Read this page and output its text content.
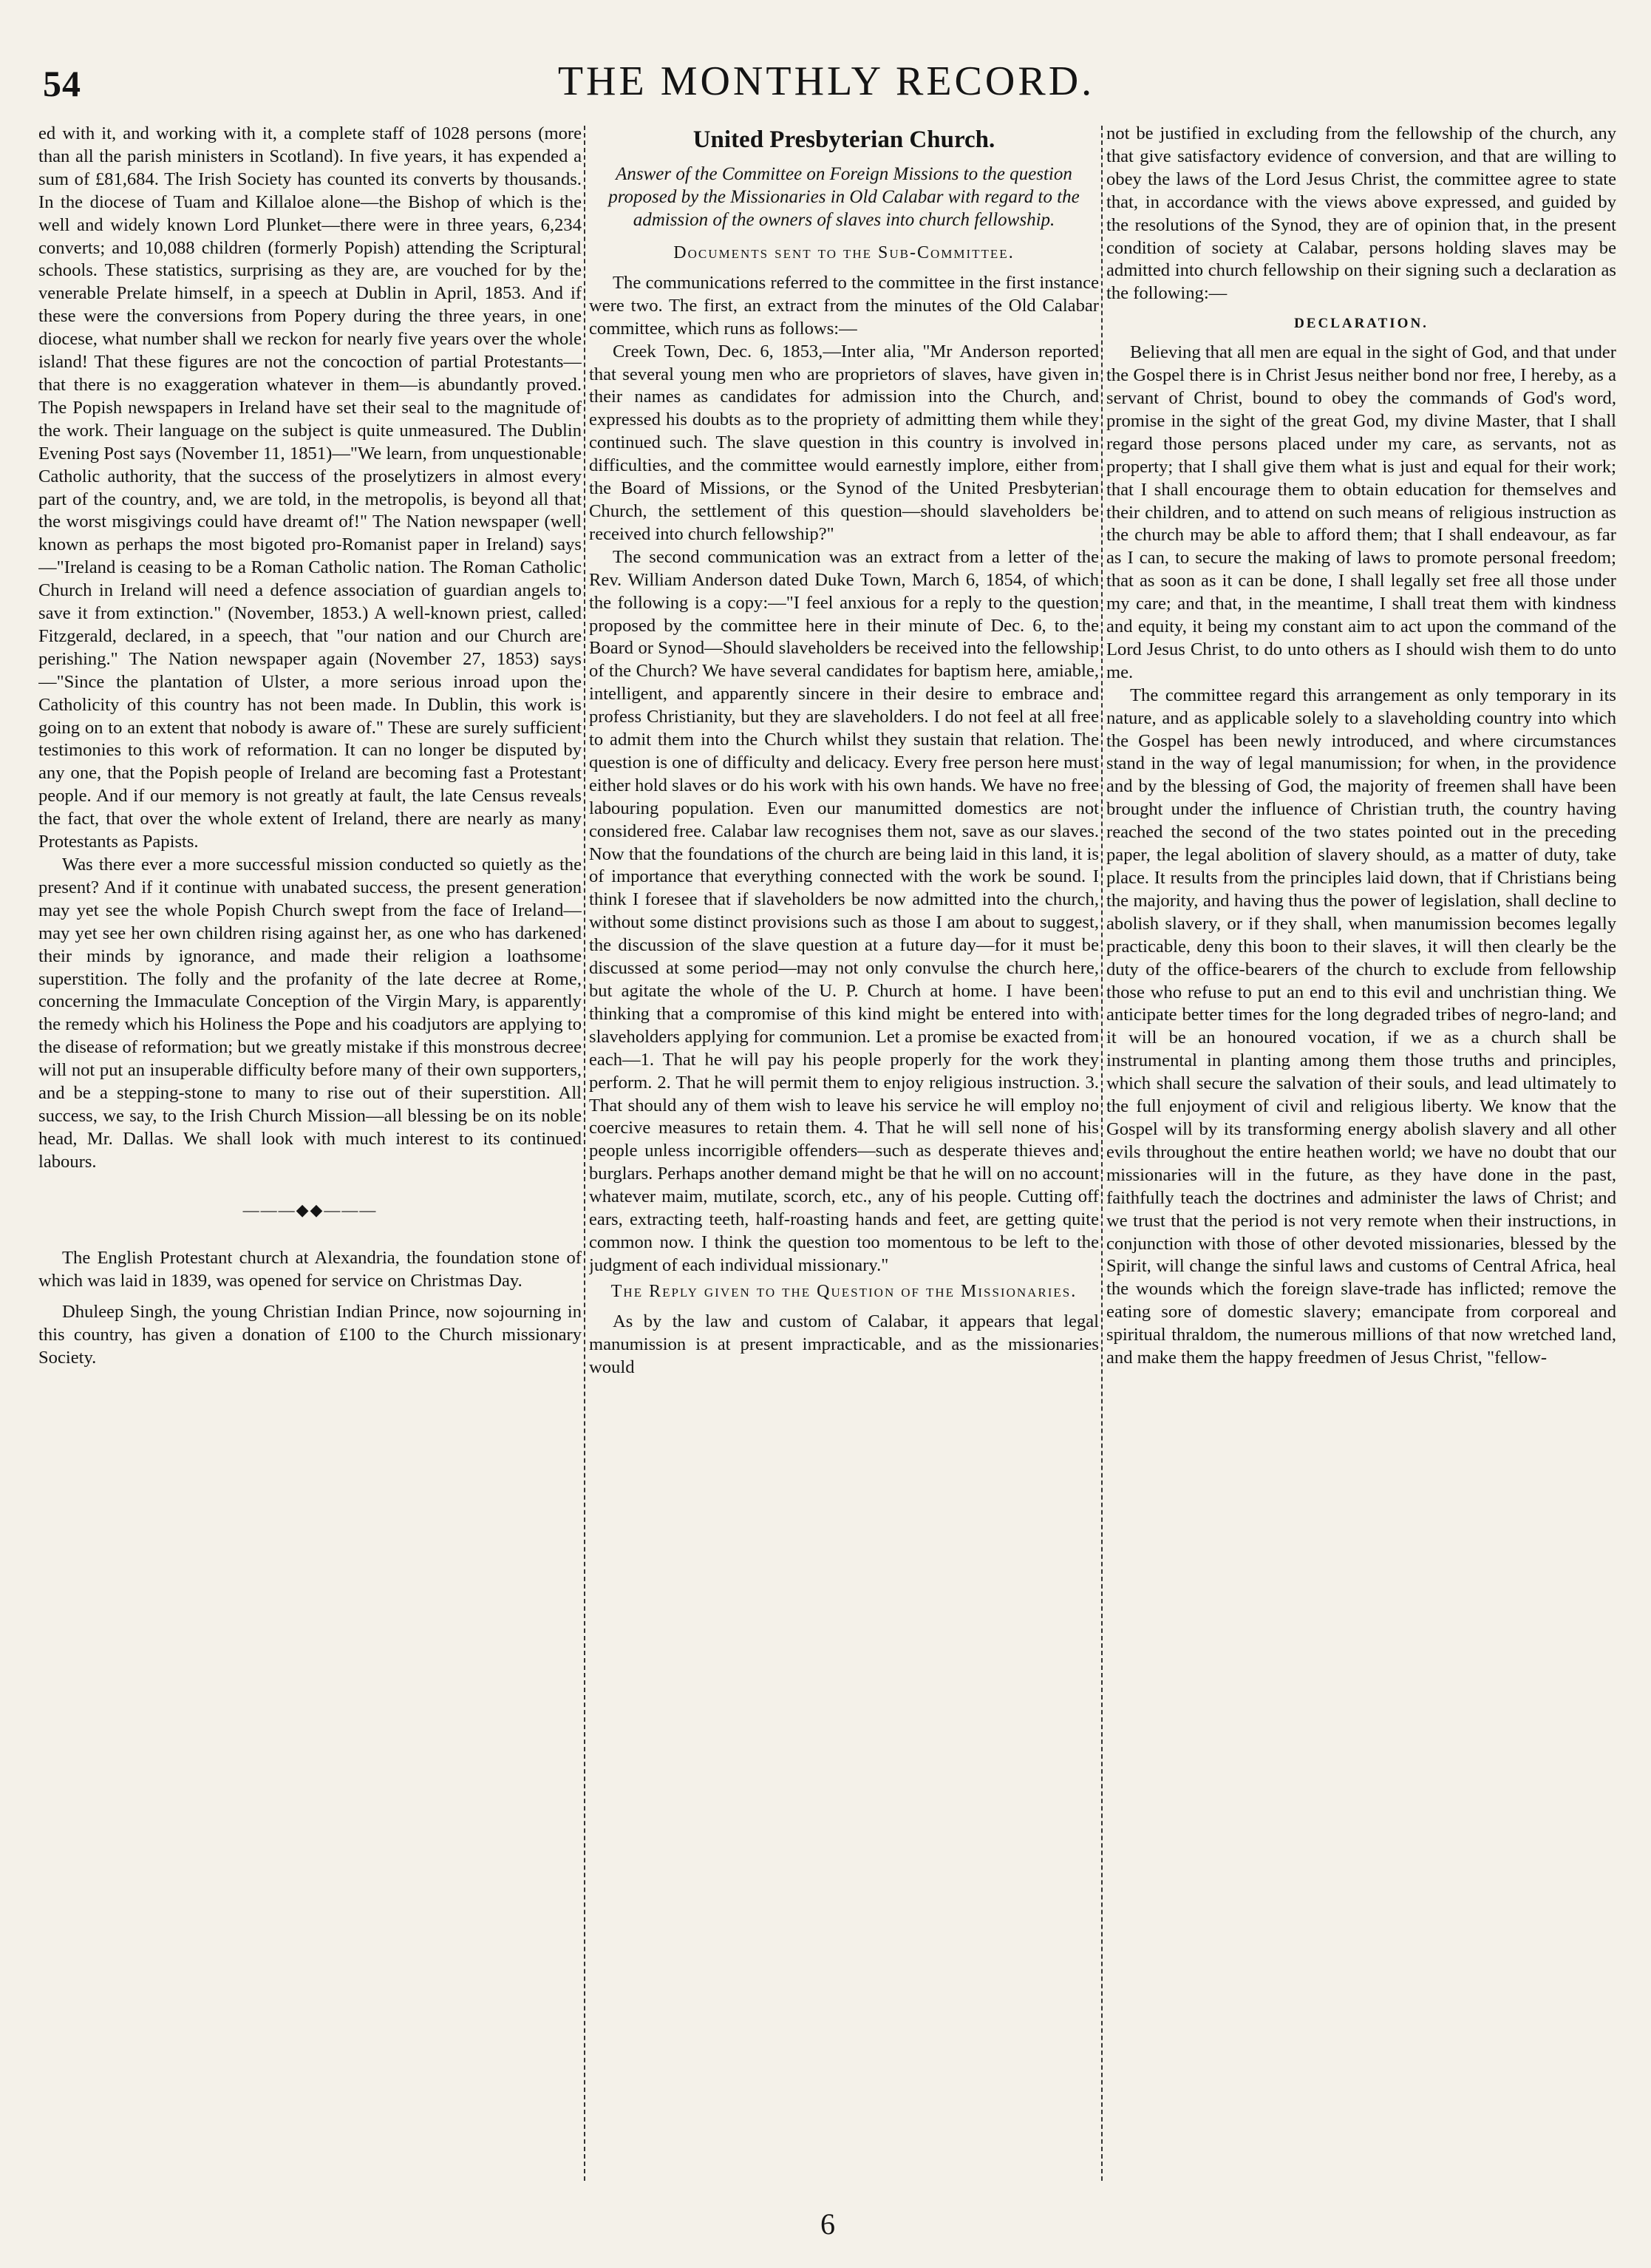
54	THE MONTHLY RECORD.

ed with it, and working with it, a complete staff of 1028 persons (more than all the parish ministers in Scotland). In five years, it has expended a sum of £81,684. The Irish Society has counted its converts by thousands. In the diocese of Tuam and Killaloe alone—the Bishop of which is the well and widely known Lord Plunket—there were in three years, 6,234 converts; and 10,088 children (formerly Popish) attending the Scriptural schools. These statistics, surprising as they are, are vouched for by the venerable Prelate himself, in a speech at Dublin in April, 1853. And if these were the conversions from Popery during the three years, in one diocese, what number shall we reckon for nearly five years over the whole island! That these figures are not the concoction of partial Protestants—that there is no exaggeration whatever in them—is abundantly proved. The Popish newspapers in Ireland have set their seal to the magnitude of the work. Their language on the subject is quite unmeasured. The Dublin Evening Post says (November 11, 1851)—"We learn, from unquestionable Catholic authority, that the success of the proselytizers in almost every part of the country, and, we are told, in the metropolis, is beyond all that the worst misgivings could have dreamt of!" The Nation newspaper (well known as perhaps the most bigoted pro-Romanist paper in Ireland) says—"Ireland is ceasing to be a Roman Catholic nation. The Roman Catholic Church in Ireland will need a defence association of guardian angels to save it from extinction." (November, 1853.) A well-known priest, called Fitzgerald, declared, in a speech, that "our nation and our Church are perishing." The Nation newspaper again (November 27, 1853) says—"Since the plantation of Ulster, a more serious inroad upon the Catholicity of this country has not been made. In Dublin, this work is going on to an extent that nobody is aware of." These are surely sufficient testimonies to this work of reformation. It can no longer be disputed by any one, that the Popish people of Ireland are becoming fast a Protestant people. And if our memory is not greatly at fault, the late Census reveals the fact, that over the whole extent of Ireland, there are nearly as many Protestants as Papists.

Was there ever a more successful mission conducted so quietly as the present? And if it continue with unabated success, the present generation may yet see the whole Popish Church swept from the face of Ireland—may yet see her own children rising against her, as one who has darkened their minds by ignorance, and made their religion a loathsome superstition. The folly and the profanity of the late decree at Rome, concerning the Immaculate Conception of the Virgin Mary, is apparently the remedy which his Holiness the Pope and his coadjutors are applying to the disease of reformation; but we greatly mistake if this monstrous decree will not put an insuperable difficulty before many of their own supporters, and be a stepping-stone to many to rise out of their superstition. All success, we say, to the Irish Church Mission—all blessing be on its noble head, Mr. Dallas. We shall look with much interest to its continued labours.

———◆◆———

The English Protestant church at Alexandria, the foundation stone of which was laid in 1839, was opened for service on Christmas Day.

Dhuleep Singh, the young Christian Indian Prince, now sojourning in this country, has given a donation of £100 to the Church missionary Society.

United Presbyterian Church.
Answer of the Committee on Foreign Missions to the question proposed by the Missionaries in Old Calabar with regard to the admission of the owners of slaves into church fellowship.
Documents sent to the Sub-Committee.

The communications referred to the committee in the first instance were two. The first, an extract from the minutes of the Old Calabar committee, which runs as follows:—

Creek Town, Dec. 6, 1853,—Inter alia, "Mr Anderson reported that several young men who are proprietors of slaves, have given in their names as candidates for admission into the Church, and expressed his doubts as to the propriety of admitting them while they continued such. The slave question in this country is involved in difficulties, and the committee would earnestly implore, either from the Board of Missions, or the Synod of the United Presbyterian Church, the settlement of this question—should slaveholders be received into church fellowship?"

The second communication was an extract from a letter of the Rev. William Anderson dated Duke Town, March 6, 1854, of which the following is a copy:—"I feel anxious for a reply to the question proposed by the committee here in their minute of Dec. 6, to the Board or Synod—Should slaveholders be received into the fellowship of the Church? We have several candidates for baptism here, amiable, intelligent, and apparently sincere in their desire to embrace and profess Christianity, but they are slaveholders. I do not feel at all free to admit them into the Church whilst they sustain that relation. The question is one of difficulty and delicacy. Every free person here must either hold slaves or do his work with his own hands. We have no free labouring population. Even our manumitted domestics are not considered free. Calabar law recognises them not, save as our slaves. Now that the foundations of the church are being laid in this land, it is of importance that everything connected with the work be sound. I think I foresee that if slaveholders be now admitted into the church, without some distinct provisions such as those I am about to suggest, the discussion of the slave question at a future day—for it must be discussed at some period—may not only convulse the church here, but agitate the whole of the U. P. Church at home. I have been thinking that a compromise of this kind might be entered into with slaveholders applying for communion. Let a promise be exacted from each—1. That he will pay his people properly for the work they perform. 2. That he will permit them to enjoy religious instruction. 3. That should any of them wish to leave his service he will employ no coercive measures to retain them. 4. That he will sell none of his people unless incorrigible offenders—such as desperate thieves and burglars. Perhaps another demand might be that he will on no account whatever maim, mutilate, scorch, etc., any of his people. Cutting off ears, extracting teeth, half-roasting hands and feet, are getting quite common now. I think the question too momentous to be left to the judgment of each individual missionary."

The Reply given to the Question of the Missionaries.

As by the law and custom of Calabar, it appears that legal manumission is at present impracticable, and as the missionaries would

not be justified in excluding from the fellowship of the church, any that give satisfactory evidence of conversion, and that are willing to obey the laws of the Lord Jesus Christ, the committee agree to state that, in accordance with the views above expressed, and guided by the resolutions of the Synod, they are of opinion that, in the present condition of society at Calabar, persons holding slaves may be admitted into church fellowship on their signing such a declaration as the following:—

DECLARATION.

Believing that all men are equal in the sight of God, and that under the Gospel there is in Christ Jesus neither bond nor free, I hereby, as a servant of Christ, bound to obey the commands of God's word, promise in the sight of the great God, my divine Master, that I shall regard those persons placed under my care, as servants, not as property; that I shall give them what is just and equal for their work; that I shall encourage them to obtain education for themselves and their children, and to attend on such means of religious instruction as the church may be able to afford them; that I shall endeavour, as far as I can, to secure the making of laws to promote personal freedom; that as soon as it can be done, I shall legally set free all those under my care; and that, in the meantime, I shall treat them with kindness and equity, it being my constant aim to act upon the command of the Lord Jesus Christ, to do unto others as I should wish them to do unto me.

The committee regard this arrangement as only temporary in its nature, and as applicable solely to a slaveholding country into which the Gospel has been newly introduced, and where circumstances stand in the way of legal manumission; for when, in the providence and by the blessing of God, the majority of freemen shall have been brought under the influence of Christian truth, the country having reached the second of the two states pointed out in the preceding paper, the legal abolition of slavery should, as a matter of duty, take place. It results from the principles laid down, that if Christians being the majority, and having thus the power of legislation, shall decline to abolish slavery, or if they shall, when manumission becomes legally practicable, deny this boon to their slaves, it will then clearly be the duty of the office-bearers of the church to exclude from fellowship those who refuse to put an end to this evil and unchristian thing. We anticipate better times for the long degraded tribes of negro-land; and it will be an honoured vocation, if we as a church shall be instrumental in planting among them those truths and principles, which shall secure the salvation of their souls, and lead ultimately to the full enjoyment of civil and religious liberty. We know that the Gospel will by its transforming energy abolish slavery and all other evils throughout the entire heathen world; we have no doubt that our missionaries will in the future, as they have done in the past, faithfully teach the doctrines and administer the laws of Christ; and we trust that the period is not very remote when their instructions, in conjunction with those of other devoted missionaries, blessed by the Spirit, will change the sinful laws and customs of Central Africa, heal the wounds which the foreign slave-trade has inflicted; remove the eating sore of domestic slavery; emancipate from corporeal and spiritual thraldom, the numerous millions of that now wretched land, and make them the happy freedmen of Jesus Christ, "fellow-

6
